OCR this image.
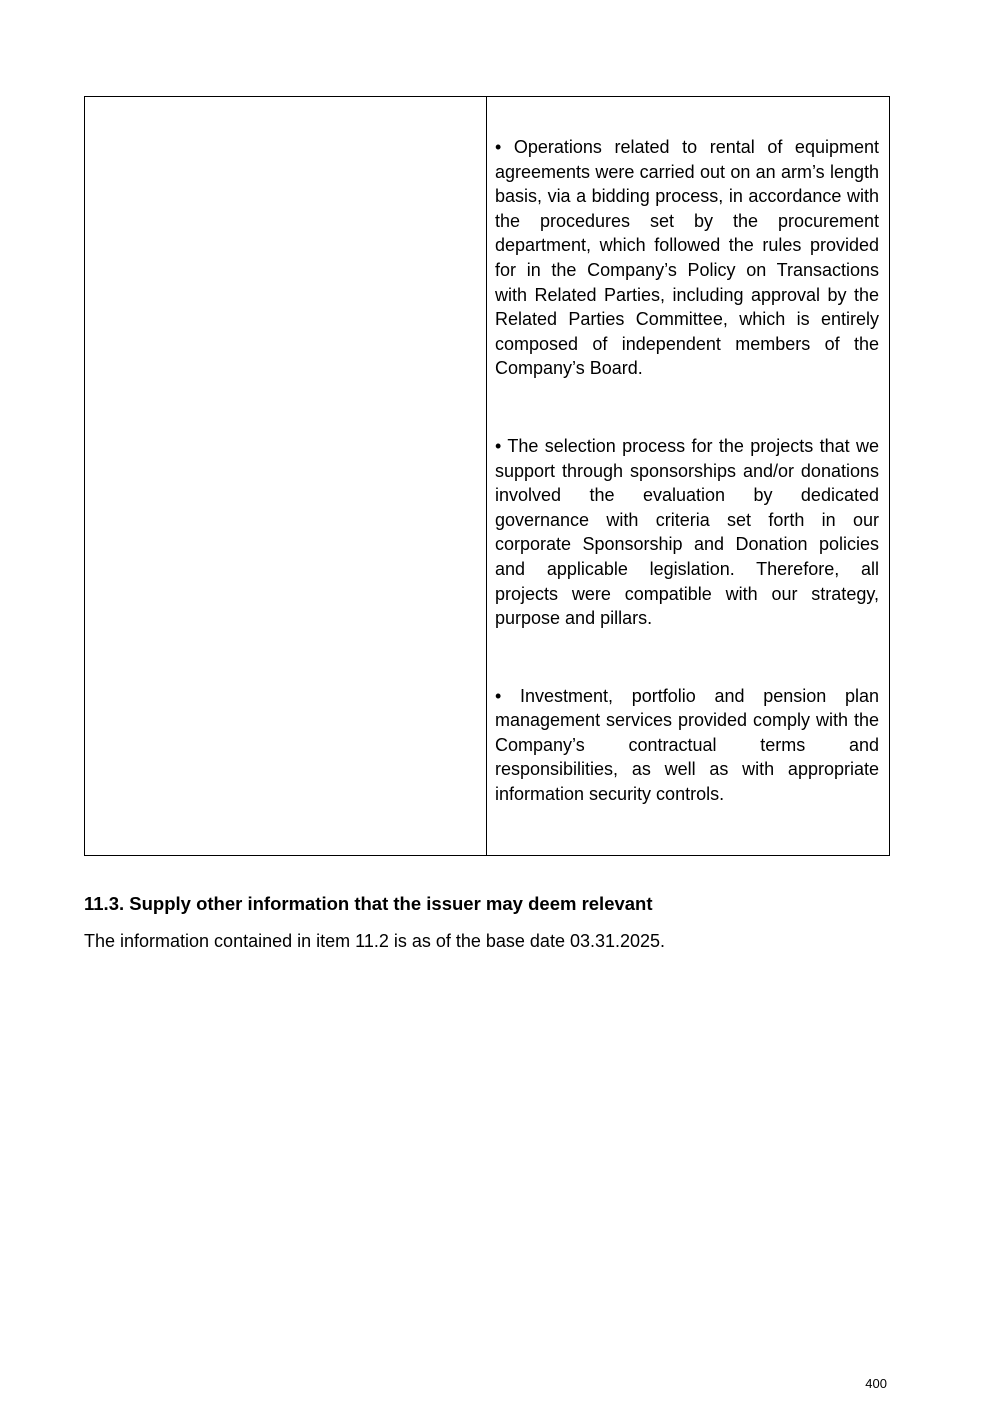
• Operations related to rental of equipment agreements were carried out on an arm’s length basis, via a bidding process, in accordance with the procedures set by the procurement department, which followed the rules provided for in the Company’s Policy on Transactions with Related Parties, including approval by the Related Parties Committee, which is entirely composed of independent members of the Company’s Board.

• The selection process for the projects that we support through sponsorships and/or donations involved the evaluation by dedicated governance with criteria set forth in our corporate Sponsorship and Donation policies and applicable legislation. Therefore, all projects were compatible with our strategy, purpose and pillars.

• Investment, portfolio and pension plan management services provided comply with the Company’s contractual terms and responsibilities, as well as with appropriate information security controls.

11.3. Supply other information that the issuer may deem relevant

The information contained in item 11.2 is as of the base date 03.31.2025.

400
